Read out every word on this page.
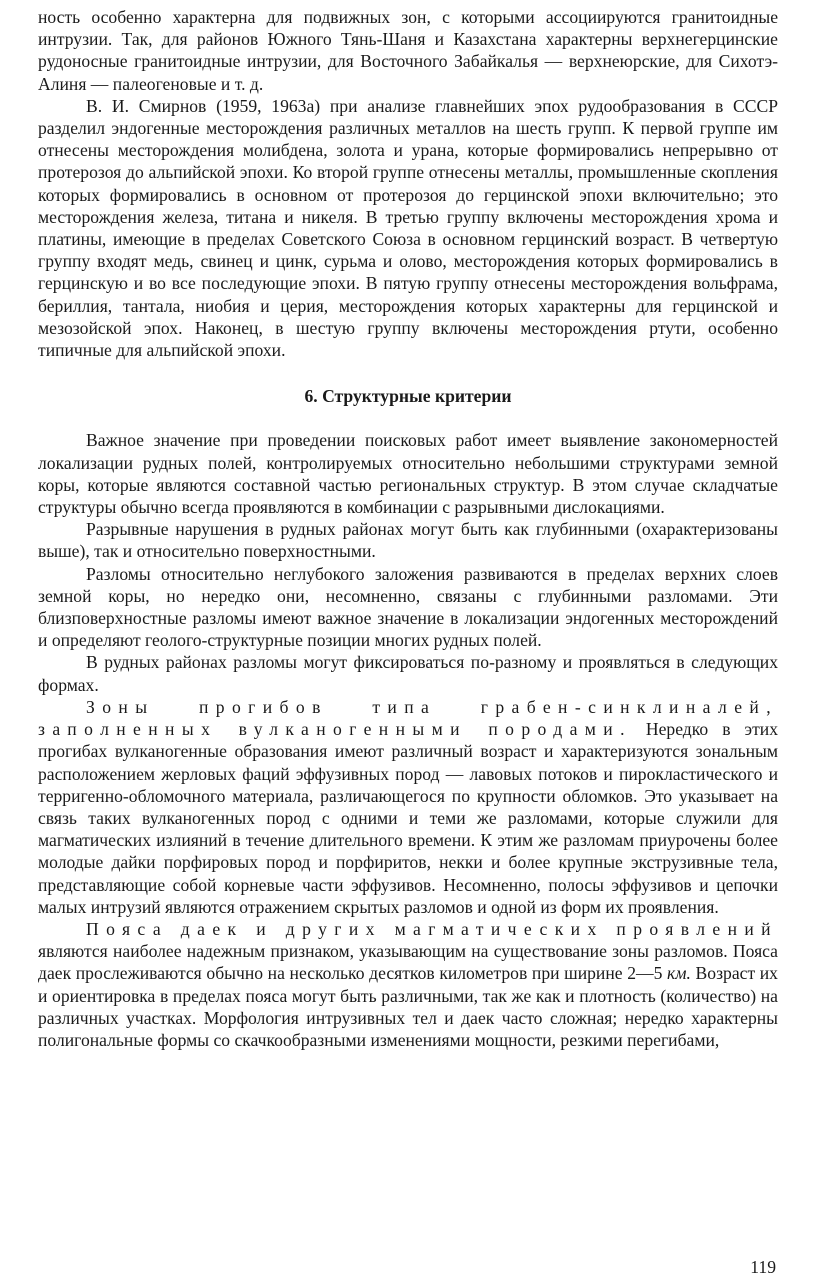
ность особенно характерна для подвижных зон, с которыми ассоциируются гранитоидные интрузии. Так, для районов Южного Тянь-Шаня и Казахстана характерны верхнегерцинские рудоносные гранитоидные интрузии, для Восточного Забайкалья — верхнеюрские, для Сихотэ-Алиня — палеогеновые и т. д.

В. И. Смирнов (1959, 1963а) при анализе главнейших эпох рудообразования в СССР разделил эндогенные месторождения различных металлов на шесть групп. К первой группе им отнесены месторождения молибдена, золота и урана, которые формировались непрерывно от протерозоя до альпийской эпохи. Ко второй группе отнесены металлы, промышленные скопления которых формировались в основном от протерозоя до герцинской эпохи включительно; это месторождения железа, титана и никеля. В третью группу включены месторождения хрома и платины, имеющие в пределах Советского Союза в основном герцинский возраст. В четвертую группу входят медь, свинец и цинк, сурьма и олово, месторождения которых формировались в герцинскую и во все последующие эпохи. В пятую группу отнесены месторождения вольфрама, бериллия, тантала, ниобия и церия, месторождения которых характерны для герцинской и мезозойской эпох. Наконец, в шестую группу включены месторождения ртути, особенно типичные для альпийской эпохи.

6. Структурные критерии

Важное значение при проведении поисковых работ имеет выявление закономерностей локализации рудных полей, контролируемых относительно небольшими структурами земной коры, которые являются составной частью региональных структур. В этом случае складчатые структуры обычно всегда проявляются в комбинации с разрывными дислокациями.

Разрывные нарушения в рудных районах могут быть как глубинными (охарактеризованы выше), так и относительно поверхностными.

Разломы относительно неглубокого заложения развиваются в пределах верхних слоев земной коры, но нередко они, несомненно, связаны с глубинными разломами. Эти близповерхностные разломы имеют важное значение в локализации эндогенных месторождений и определяют геолого-структурные позиции многих рудных полей.

В рудных районах разломы могут фиксироваться по-разному и проявляться в следующих формах.

Зоны прогибов типа грабен-синклиналей, заполненных вулканогенными породами. Нередко в этих прогибах вулканогенные образования имеют различный возраст и характеризуются зональным расположением жерловых фаций эффузивных пород — лавовых потоков и пирокластического и терригенно-обломочного материала, различающегося по крупности обломков. Это указывает на связь таких вулканогенных пород с одними и теми же разломами, которые служили для магматических излияний в течение длительного времени. К этим же разломам приурочены более молодые дайки порфировых пород и порфиритов, некки и более крупные экструзивные тела, представляющие собой корневые части эффузивов. Несомненно, полосы эффузивов и цепочки малых интрузий являются отражением скрытых разломов и одной из форм их проявления.

Пояса даек и других магматических проявлений являются наиболее надежным признаком, указывающим на существование зоны разломов. Пояса даек прослеживаются обычно на несколько десятков километров при ширине 2—5 км. Возраст их и ориентировка в пределах пояса могут быть различными, так же как и плотность (количество) на различных участках. Морфология интрузивных тел и даек часто сложная; нередко характерны полигональные формы со скачкообразными изменениями мощности, резкими перегибами,

119
